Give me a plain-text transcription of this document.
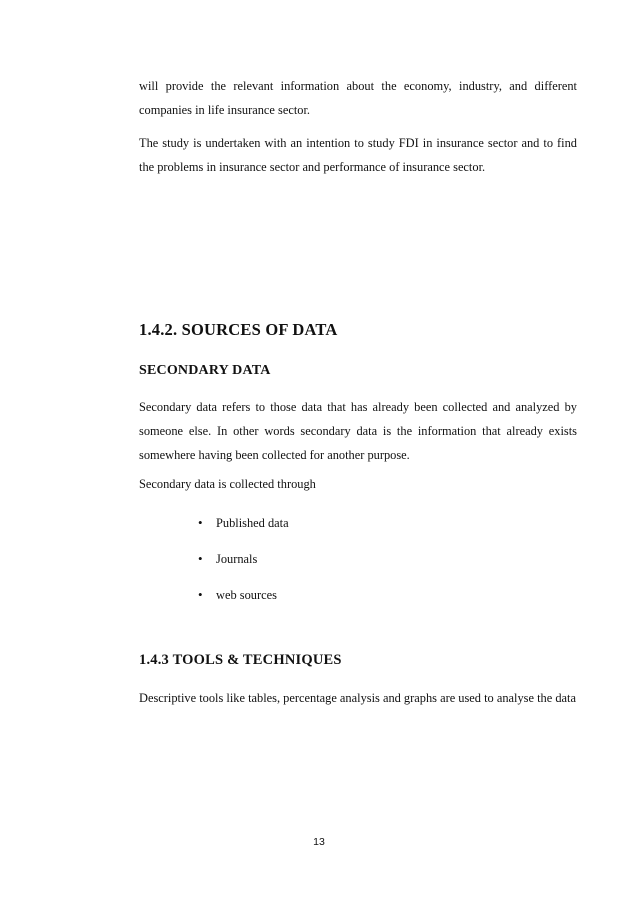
will provide the relevant information about the economy, industry, and different companies in life insurance sector.

The study is undertaken with an intention to study FDI in insurance sector and to find the problems in insurance sector and performance of insurance sector.

1.4.2. SOURCES OF DATA
SECONDARY DATA

Secondary data refers to those data that has already been collected and analyzed by someone else. In other words secondary data is the information that already exists somewhere having been collected for another purpose.

Secondary data is collected through

•	Published data
•	Journals
•	web sources
1.4.3 TOOLS & TECHNIQUES

Descriptive tools like tables, percentage analysis and graphs are used to analyse the data

13
